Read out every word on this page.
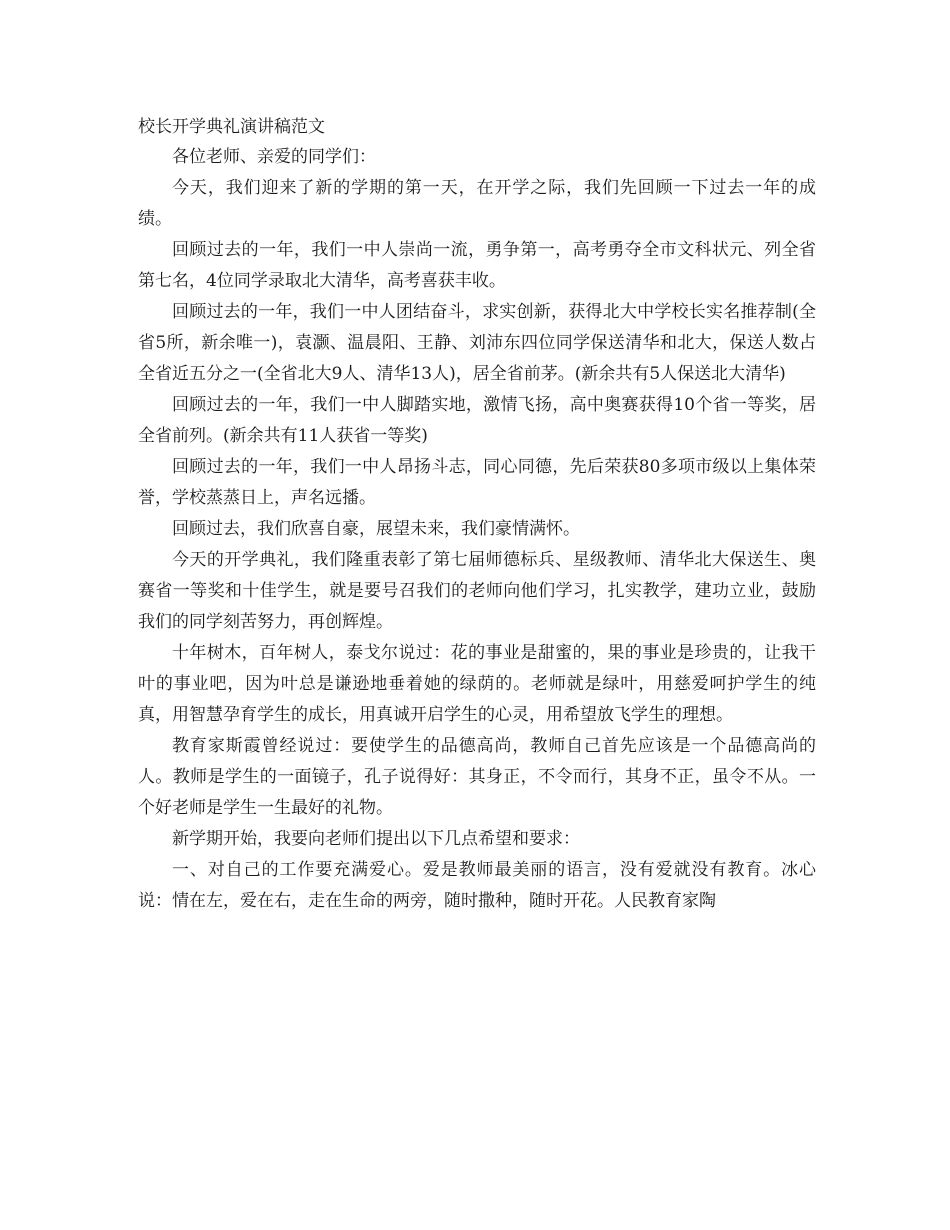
校长开学典礼演讲稿范文

各位老师、亲爱的同学们：

今天，我们迎来了新的学期的第一天，在开学之际，我们先回顾一下过去一年的成绩。

回顾过去的一年，我们一中人崇尚一流，勇争第一，高考勇夺全市文科状元、列全省第七名，4位同学录取北大清华，高考喜获丰收。

回顾过去的一年，我们一中人团结奋斗，求实创新，获得北大中学校长实名推荐制(全省5所，新余唯一)，袁灏、温晨阳、王静、刘沛东四位同学保送清华和北大，保送人数占全省近五分之一(全省北大9人、清华13人)，居全省前茅。(新余共有5人保送北大清华)

回顾过去的一年，我们一中人脚踏实地，激情飞扬，高中奥赛获得10个省一等奖，居全省前列。(新余共有11人获省一等奖)

回顾过去的一年，我们一中人昂扬斗志，同心同德，先后荣获80多项市级以上集体荣誉，学校蒸蒸日上，声名远播。

回顾过去，我们欣喜自豪，展望未来，我们豪情满怀。

今天的开学典礼，我们隆重表彰了第七届师德标兵、星级教师、清华北大保送生、奥赛省一等奖和十佳学生，就是要号召我们的老师向他们学习，扎实教学，建功立业，鼓励我们的同学刻苦努力，再创辉煌。

十年树木，百年树人，泰戈尔说过：花的事业是甜蜜的，果的事业是珍贵的，让我干叶的事业吧，因为叶总是谦逊地垂着她的绿荫的。老师就是绿叶，用慈爱呵护学生的纯真，用智慧孕育学生的成长，用真诚开启学生的心灵，用希望放飞学生的理想。

教育家斯霞曾经说过：要使学生的品德高尚，教师自己首先应该是一个品德高尚的人。教师是学生的一面镜子，孔子说得好：其身正，不令而行，其身不正，虽令不从。一个好老师是学生一生最好的礼物。

新学期开始，我要向老师们提出以下几点希望和要求：

一、对自己的工作要充满爱心。爱是教师最美丽的语言，没有爱就没有教育。冰心说：情在左，爱在右，走在生命的两旁，随时撒种，随时开花。人民教育家陶
